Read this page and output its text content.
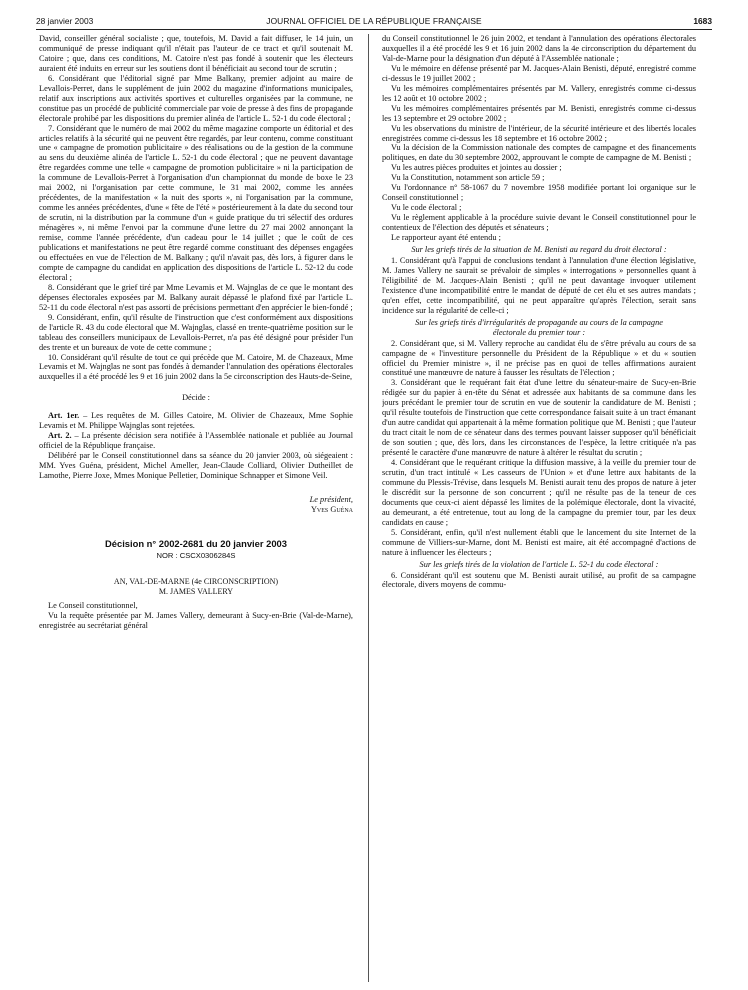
28 janvier 2003	JOURNAL OFFICIEL DE LA RÉPUBLIQUE FRANÇAISE	1683

David, conseiller général socialiste ; que, toutefois, M. David a fait diffuser, le 14 juin, un communiqué de presse indiquant qu'il n'était pas l'auteur de ce tract et qu'il soutenait M. Catoire ; que, dans ces conditions, M. Catoire n'est pas fondé à soutenir que les électeurs auraient été induits en erreur sur les soutiens dont il bénéficiait au second tour de scrutin ;

6. Considérant que l'éditorial signé par Mme Balkany, premier adjoint au maire de Levallois-Perret, dans le supplément de juin 2002 du magazine d'informations municipales, relatif aux inscriptions aux activités sportives et culturelles organisées par la commune, ne constitue pas un procédé de publicité commerciale par voie de presse à des fins de propagande électorale prohibé par les dispositions du premier alinéa de l'article L. 52-1 du code électoral ;

7. Considérant que le numéro de mai 2002 du même magazine comporte un éditorial et des articles relatifs à la sécurité qui ne peuvent être regardés, par leur contenu, comme constituant une « campagne de promotion publicitaire » des réalisations ou de la gestion de la commune au sens du deuxième alinéa de l'article L. 52-1 du code électoral ; que ne peuvent davantage être regardées comme une telle « campagne de promotion publicitaire » ni la participation de la commune de Levallois-Perret à l'organisation d'un championnat du monde de boxe le 23 mai 2002, ni l'organisation par cette commune, le 31 mai 2002, comme les années précédentes, de la manifestation « la nuit des sports », ni l'organisation par la commune, comme les années précédentes, d'une « fête de l'été » postérieurement à la date du second tour de scrutin, ni la distribution par la commune d'un « guide pratique du tri sélectif des ordures ménagères », ni même l'envoi par la commune d'une lettre du 27 mai 2002 annonçant la remise, comme l'année précédente, d'un cadeau pour le 14 juillet ; que le coût de ces publications et manifestations ne peut être regardé comme constituant des dépenses engagées ou effectuées en vue de l'élection de M. Balkany ; qu'il n'avait pas, dès lors, à figurer dans le compte de campagne du candidat en application des dispositions de l'article L. 52-12 du code électoral ;

8. Considérant que le grief tiré par Mme Levamis et M. Wajnglas de ce que le montant des dépenses électorales exposées par M. Balkany aurait dépassé le plafond fixé par l'article L. 52-11 du code électoral n'est pas assorti de précisions permettant d'en apprécier le bien-fondé ;

9. Considérant, enfin, qu'il résulte de l'instruction que c'est conformément aux dispositions de l'article R. 43 du code électoral que M. Wajnglas, classé en trente-quatrième position sur le tableau des conseillers municipaux de Levallois-Perret, n'a pas été désigné pour présider l'un des trente et un bureaux de vote de cette commune ;

10. Considérant qu'il résulte de tout ce qui précède que M. Catoire, M. de Chazeaux, Mme Levamis et M. Wajnglas ne sont pas fondés à demander l'annulation des opérations électorales auxquelles il a été procédé les 9 et 16 juin 2002 dans la 5e circonscription des Hauts-de-Seine,

Décide :

Art. 1er. – Les requêtes de M. Gilles Catoire, M. Olivier de Chazeaux, Mme Sophie Levamis et M. Philippe Wajnglas sont rejetées.

Art. 2. – La présente décision sera notifiée à l'Assemblée nationale et publiée au Journal officiel de la République française.

Délibéré par le Conseil constitutionnel dans sa séance du 20 janvier 2003, où siégeaient : MM. Yves Guéna, président, Michel Ameller, Jean-Claude Colliard, Olivier Dutheillet de Lamothe, Pierre Joxe, Mmes Monique Pelletier, Dominique Schnapper et Simone Veil.

Le président,

Yves Guéna

Décision n° 2002-2681 du 20 janvier 2003

NOR : CSCX0306284S

AN, VAL-DE-MARNE (4e CIRCONSCRIPTION)

M. JAMES VALLERY

Le Conseil constitutionnel,

Vu la requête présentée par M. James Vallery, demeurant à Sucy-en-Brie (Val-de-Marne), enregistrée au secrétariat général

du Conseil constitutionnel le 26 juin 2002, et tendant à l'annulation des opérations électorales auxquelles il a été procédé les 9 et 16 juin 2002 dans la 4e circonscription du département du Val-de-Marne pour la désignation d'un député à l'Assemblée nationale ;

Vu le mémoire en défense présenté par M. Jacques-Alain Benisti, député, enregistré comme ci-dessus le 19 juillet 2002 ;

Vu les mémoires complémentaires présentés par M. Vallery, enregistrés comme ci-dessus les 12 août et 10 octobre 2002 ;

Vu les mémoires complémentaires présentés par M. Benisti, enregistrés comme ci-dessus les 13 septembre et 29 octobre 2002 ;

Vu les observations du ministre de l'intérieur, de la sécurité intérieure et des libertés locales enregistrées comme ci-dessus les 18 septembre et 16 octobre 2002 ;

Vu la décision de la Commission nationale des comptes de campagne et des financements politiques, en date du 30 septembre 2002, approuvant le compte de campagne de M. Benisti ;

Vu les autres pièces produites et jointes au dossier ;

Vu la Constitution, notamment son article 59 ;

Vu l'ordonnance n° 58-1067 du 7 novembre 1958 modifiée portant loi organique sur le Conseil constitutionnel ;

Vu le code électoral ;

Vu le règlement applicable à la procédure suivie devant le Conseil constitutionnel pour le contentieux de l'élection des députés et sénateurs ;

Le rapporteur ayant été entendu ;

Sur les griefs tirés de la situation de M. Benisti au regard du droit électoral :

1. Considérant qu'à l'appui de conclusions tendant à l'annulation d'une élection législative, M. James Vallery ne saurait se prévaloir de simples « interrogations » personnelles quant à l'éligibilité de M. Jacques-Alain Benisti ; qu'il ne peut davantage invoquer utilement l'existence d'une incompatibilité entre le mandat de député de cet élu et ses autres mandats ; qu'en effet, cette incompatibilité, qui ne peut apparaître qu'après l'élection, serait sans incidence sur la régularité de celle-ci ;

Sur les griefs tirés d'irrégularités de propagande au cours de la campagne électorale du premier tour :

2. Considérant que, si M. Vallery reproche au candidat élu de s'être prévalu au cours de sa campagne de « l'investiture personnelle du Président de la République » et du « soutien officiel du Premier ministre », il ne précise pas en quoi de telles affirmations auraient constitué une manœuvre de nature à fausser les résultats de l'élection ;

3. Considérant que le requérant fait état d'une lettre du sénateur-maire de Sucy-en-Brie rédigée sur du papier à en-tête du Sénat et adressée aux habitants de sa commune dans les jours précédant le premier tour de scrutin en vue de soutenir la candidature de M. Benisti ; qu'il résulte toutefois de l'instruction que cette correspondance faisait suite à un tract émanant d'un autre candidat qui appartenait à la même formation politique que M. Benisti ; que l'auteur du tract citait le nom de ce sénateur dans des termes pouvant laisser supposer qu'il bénéficiait de son soutien ; que, dès lors, dans les circonstances de l'espèce, la lettre critiquée n'a pas présenté le caractère d'une manœuvre de nature à altérer le résultat du scrutin ;

4. Considérant que le requérant critique la diffusion massive, à la veille du premier tour de scrutin, d'un tract intitulé « Les casseurs de l'Union » et d'une lettre aux habitants de la commune du Plessis-Trévise, dans lesquels M. Benisti aurait tenu des propos de nature à jeter le discrédit sur la personne de son concurrent ; qu'il ne résulte pas de la teneur de ces documents que ceux-ci aient dépassé les limites de la polémique électorale, dont la vivacité, au demeurant, a été entretenue, tout au long de la campagne du premier tour, par les deux candidats en cause ;

5. Considérant, enfin, qu'il n'est nullement établi que le lancement du site Internet de la commune de Villiers-sur-Marne, dont M. Benisti est maire, ait été accompagné d'actions de nature à influencer les électeurs ;

Sur les griefs tirés de la violation de l'article L. 52-1 du code électoral :

6. Considérant qu'il est soutenu que M. Benisti aurait utilisé, au profit de sa campagne électorale, divers moyens de commu-
